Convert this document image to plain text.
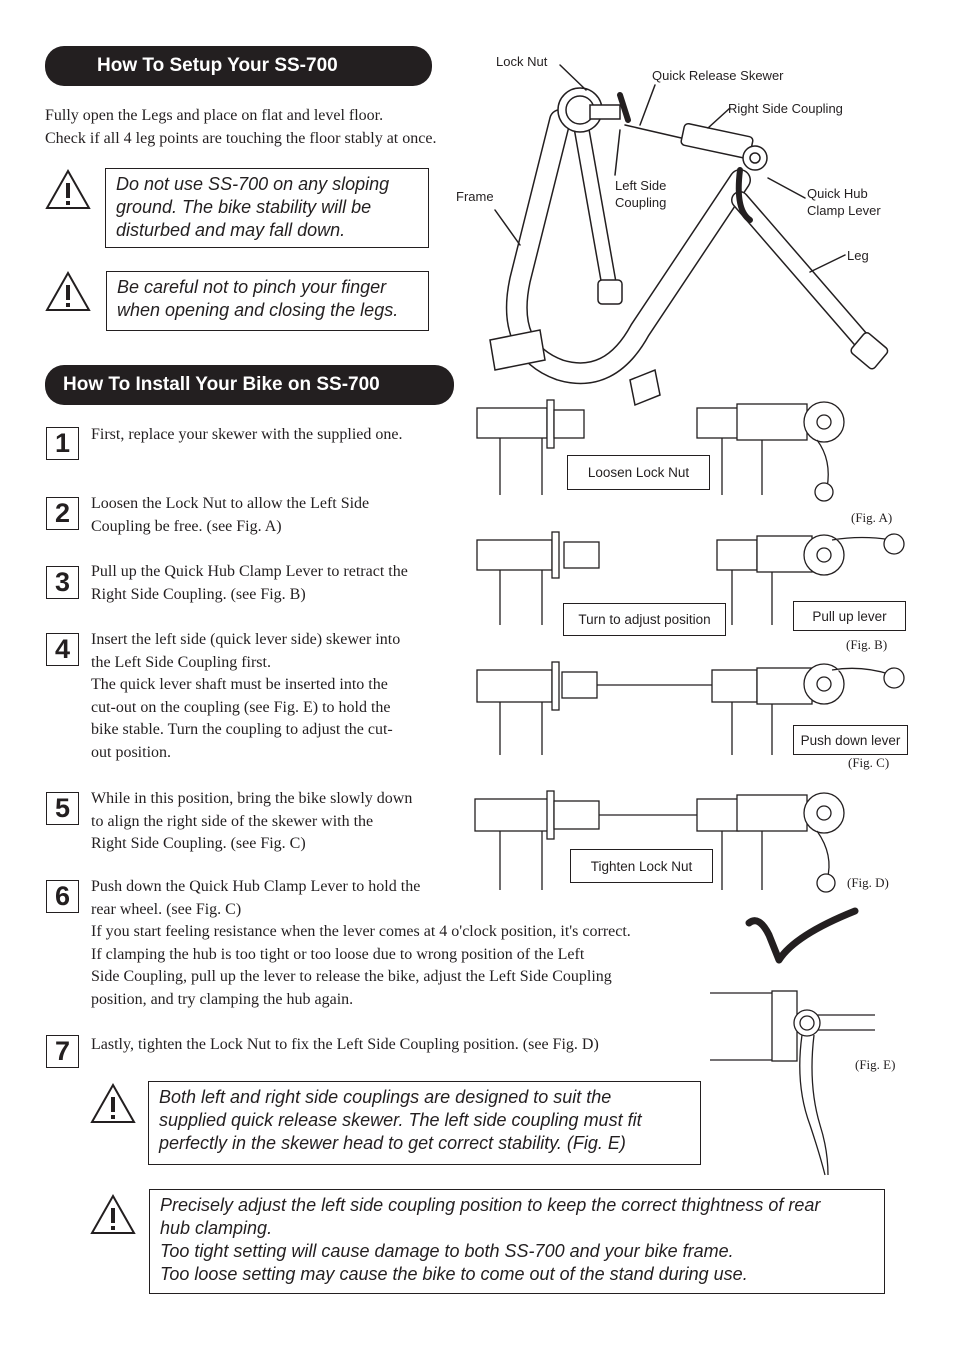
How To Setup Your SS-700
Fully open the Legs and place on flat and level floor.
Check if all 4 leg points are touching the floor stably at once.
Do not use SS-700 on any sloping
ground. The bike stability will be
disturbed and may fall down.
Be careful not to pinch your finger
when opening and closing the legs.
Lock Nut
Quick Release Skewer
Right Side Coupling
Left Side
Coupling
Frame	Quick Hub
Clamp Lever
Leg
How To Install Your Bike on SS-700
1	First, replace your skewer with the supplied one.
2	Loosen the Lock Nut to allow the Left Side
Coupling be free. (see Fig. A)
3	Pull up the Quick Hub Clamp Lever to retract the
Right Side Coupling. (see Fig. B)
4	Insert the left side (quick lever side) skewer into
the Left Side Coupling first.
The quick lever shaft must be inserted into the
cut-out on the coupling (see Fig. E) to hold the
bike stable. Turn the coupling to adjust the cut-
out position.
5	While in this position, bring the bike slowly down
to align the right side of the skewer with the
Right Side Coupling. (see Fig. C)
6	Push down the Quick Hub Clamp Lever to hold the
rear wheel. (see Fig. C)
If you start feeling resistance when the lever comes at 4 o'clock position, it's correct.
If clamping the hub is too tight or too loose due to wrong position of the Left
Side Coupling, pull up the lever to release the bike, adjust the Left Side Coupling
position, and try clamping the hub again.
7	Lastly, tighten the Lock Nut to fix the Left Side Coupling position. (see Fig. D)
Both left and right side couplings are designed to suit the
supplied quick release skewer. The left side coupling must fit
perfectly in the skewer head to get correct stability. (Fig. E)
Precisely adjust the left side coupling position to keep the correct thightness of rear
hub clamping.
Too tight setting will cause damage to both SS-700 and your bike frame.
Too loose setting may cause the bike to come out of the stand during use.
Loosen Lock Nut
(Fig. A)
Turn to adjust position	Pull up lever
(Fig. B)
Push down lever
(Fig. C)
Tighten Lock Nut
(Fig. D)
(Fig. E)
